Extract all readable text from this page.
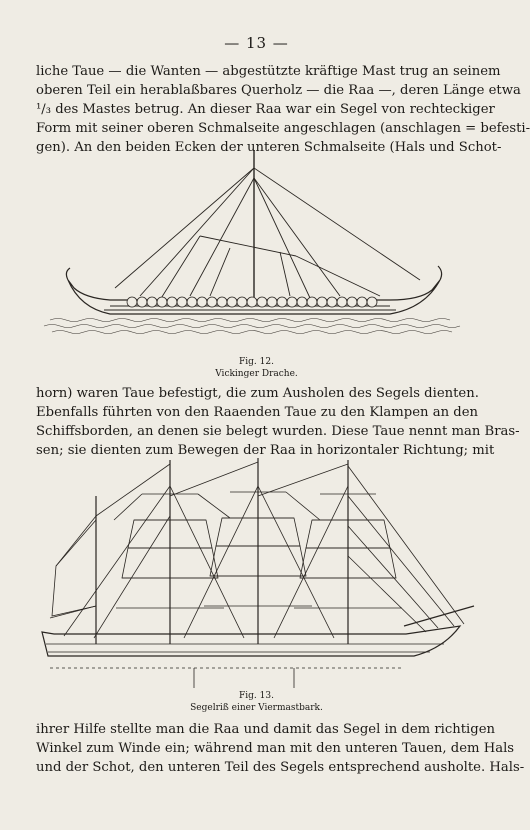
— 13 —

liche Taue — die Wanten — abgestützte kräftige Mast trug an seinem
oberen Teil ein herablaßbares Querholz — die Raa —, deren Länge etwa
¹/₃ des Mastes betrug. An dieser Raa war ein Segel von rechteckiger
Form mit seiner oberen Schmalseite angeschlagen (anschlagen = befesti-
gen). An den beiden Ecken der unteren Schmalseite (Hals und Schot-

Fig. 12.
Vickinger Drache.

horn) waren Taue befestigt, die zum Ausholen des Segels dienten.
Ebenfalls führten von den Raaenden Taue zu den Klampen an den
Schiffsborden, an denen sie belegt wurden. Diese Taue nennt man Bras-
sen; sie dienten zum Bewegen der Raa in horizontaler Richtung; mit

Fig. 13.
Segelriß einer Viermastbark.

ihrer Hilfe stellte man die Raa und damit das Segel in dem richtigen
Winkel zum Winde ein; während man mit den unteren Tauen, dem Hals
und der Schot, den unteren Teil des Segels entsprechend ausholte. Hals-
